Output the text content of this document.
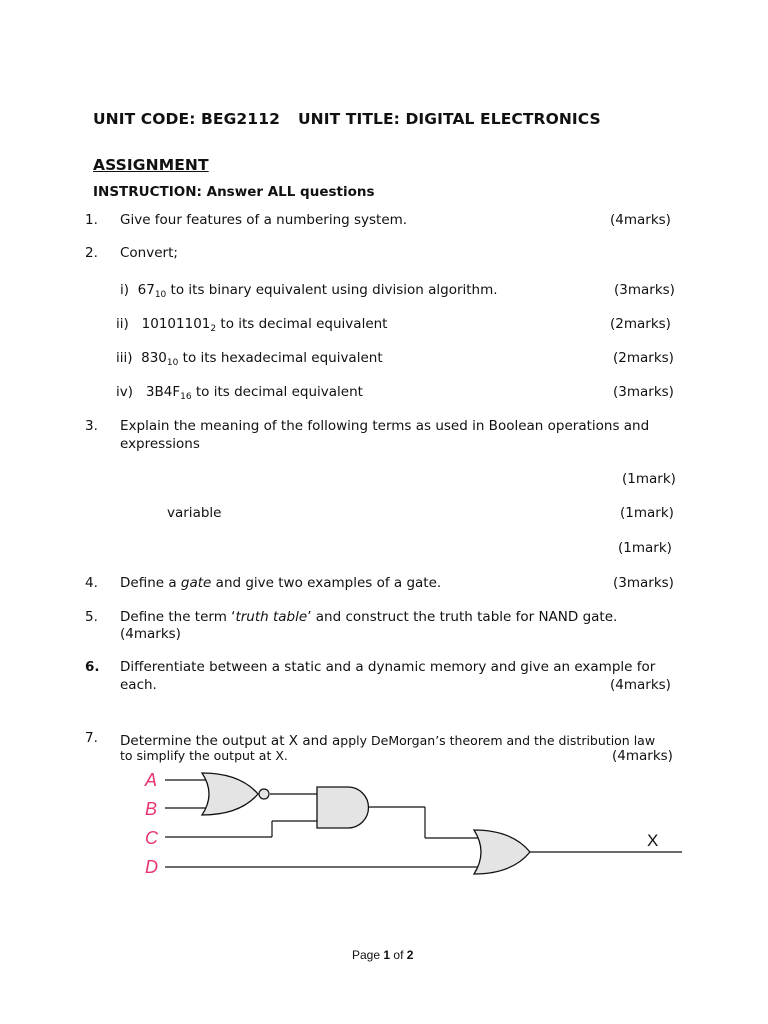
UNIT CODE: BEG2112 UNIT TITLE: DIGITAL ELECTRONICS
ASSIGNMENT
INSTRUCTION: Answer ALL questions
1. Give four features of a numbering system.	(4marks)
2. Convert;
i) $67_{10}$ to its binary equivalent using division algorithm.	(3marks)
ii) $10101101_2$ to its decimal equivalent	(2marks)
iii) $830_{10}$ to its hexadecimal equivalent	(2marks)
iv) $3B4F_{16}$ to its decimal equivalent	(3marks)
3. Explain the meaning of the following terms as used in Boolean operations and
expressions
(1mark)
variable	(1mark)
(1mark)
4. Define a gate and give two examples of a gate.	(3marks)
5. Define the term ‘truth table’ and construct the truth table for NAND gate.
(4marks)
6. Differentiate between a static and a dynamic memory and give an example for
each.	(4marks)
7. Determine the output at X and apply DeMorgan’s theorem and the distribution law
to simplify the output at X.	(4marks)
A
B
C
D
X
Page 1 of 2
